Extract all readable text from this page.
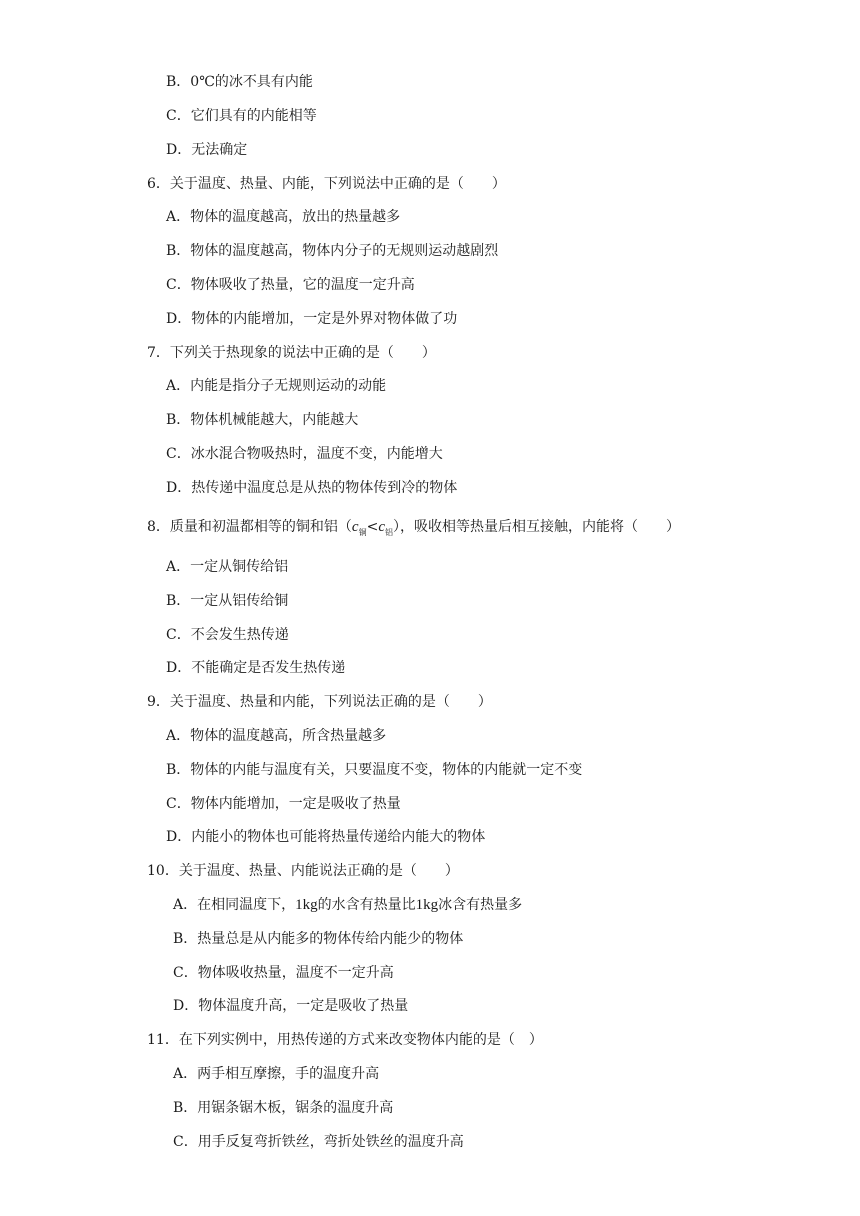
B．0℃的冰不具有内能
C．它们具有的内能相等
D．无法确定
6．关于温度、热量、内能，下列说法中正确的是（　　）
A．物体的温度越高，放出的热量越多
B．物体的温度越高，物体内分子的无规则运动越剧烈
C．物体吸收了热量，它的温度一定升高
D．物体的内能增加，一定是外界对物体做了功
7．下列关于热现象的说法中正确的是（　　）
A．内能是指分子无规则运动的动能
B．物体机械能越大，内能越大
C．冰水混合物吸热时，温度不变，内能增大
D．热传递中温度总是从热的物体传到冷的物体
8．质量和初温都相等的铜和铝$(c_铜<c_铝)$，吸收相等热量后相互接触，内能将（　　）
A．一定从铜传给铝
B．一定从铝传给铜
C．不会发生热传递
D．不能确定是否发生热传递
9．关于温度、热量和内能，下列说法正确的是（　　）
A．物体的温度越高，所含热量越多
B．物体的内能与温度有关，只要温度不变，物体的内能就一定不变
C．物体内能增加，一定是吸收了热量
D．内能小的物体也可能将热量传递给内能大的物体
10．关于温度、热量、内能说法正确的是（　　）
A．在相同温度下，1kg的水含有热量比1kg冰含有热量多
B．热量总是从内能多的物体传给内能少的物体
C．物体吸收热量，温度不一定升高
D．物体温度升高，一定是吸收了热量
11．在下列实例中，用热传递的方式来改变物体内能的是（　）
A．两手相互摩擦，手的温度升高
B．用锯条锯木板，锯条的温度升高
C．用手反复弯折铁丝，弯折处铁丝的温度升高
